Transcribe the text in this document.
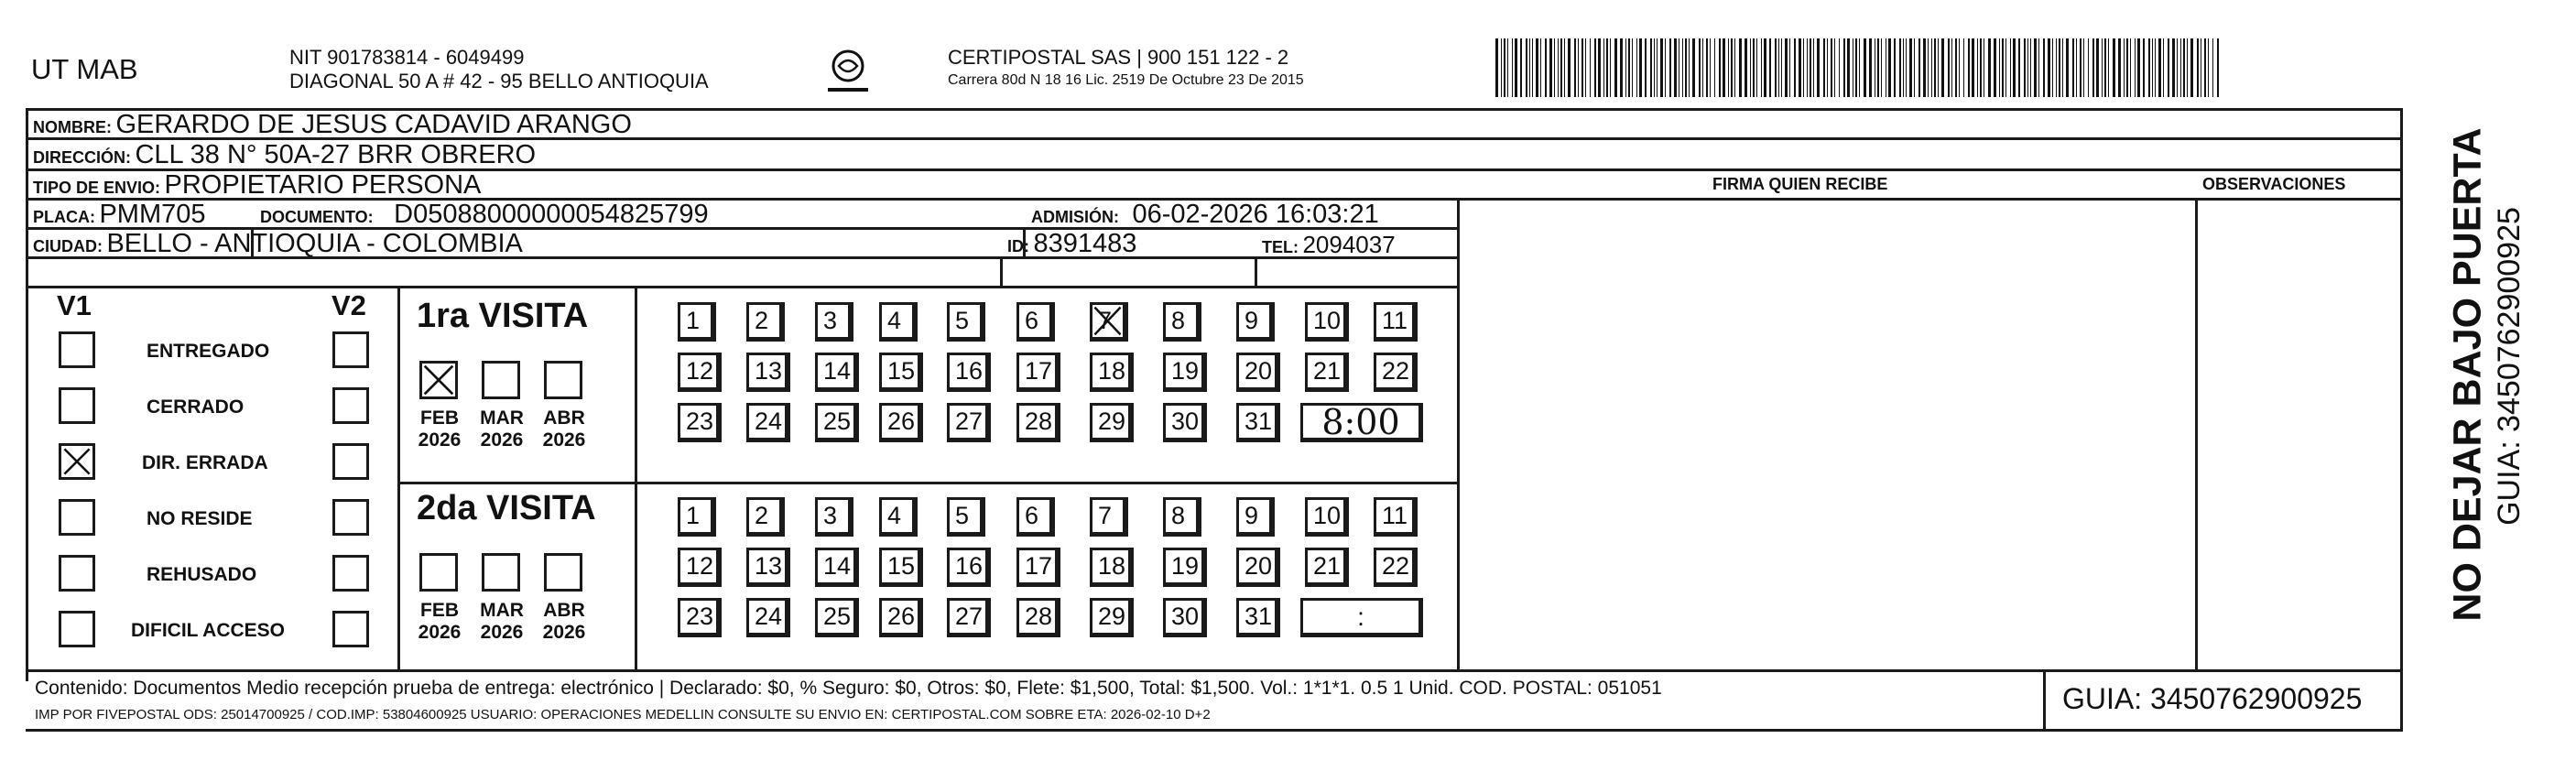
UT MAB	NIT 901783814 - 6049499
DIAGONAL 50 A # 42 - 95 BELLO ANTIOQUIA
CERTIPOSTAL SAS | 900 151 122 - 2
Carrera 80d N 18 16 Lic. 2519 De Octubre 23 De 2015
NOMBRE: GERARDO DE JESUS CADAVID ARANGO
DIRECCIÓN: CLL 38 N° 50A-27 BRR OBRERO
TIPO DE ENVIO: PROPIETARIO PERSONA	FIRMA QUIEN RECIBE	OBSERVACIONES
PLACA: PMM705	DOCUMENTO: D05088000000054825799	ADMISIÓN: 06-02-2026 16:03:21
CIUDAD: BELLO - ANTIOQUIA - COLOMBIA	ID: 8391483	TEL: 2094037
V1	V2 1ra VISITA
2da VISITA
Contenido: Documentos Medio recepción prueba de entrega: electrónico | Declarado: $0, % Seguro: $0, Otros: $0, Flete: $1,500, Total: $1,500. Vol.: 1*1*1. 0.5 1 Unid. COD. POSTAL: 051051
IMP POR FIVEPOSTAL ODS: 25014700925 / COD.IMP: 53804600925 USUARIO: OPERACIONES MEDELLIN CONSULTE SU ENVIO EN: CERTIPOSTAL.COM SOBRE ETA: 2026-02-10 D+2	GUIA: 3450762900925
NO DEJAR BAJO PUERTA GUIA: 3450762900925
ENTREGADO
CERRADO
DIR. ERRADA
NO RESIDE
REHUSADO
DIFICIL ACCESO
FEB
2026
MAR
2026
ABR
2026
FEB
2026
MAR
2026
ABR
2026
1	2	3	4	5	6	7	8	9	10	11
12	13	14	15	16	17	18	19	20	21	22
23	24	25	26	27	28	29	30	31	8:00
1	2	3	4	5	6	7	8	9	10	11
12	13	14	15	16	17	18	19	20	21	22
23	24	25	26	27	28	29	30	31	:
